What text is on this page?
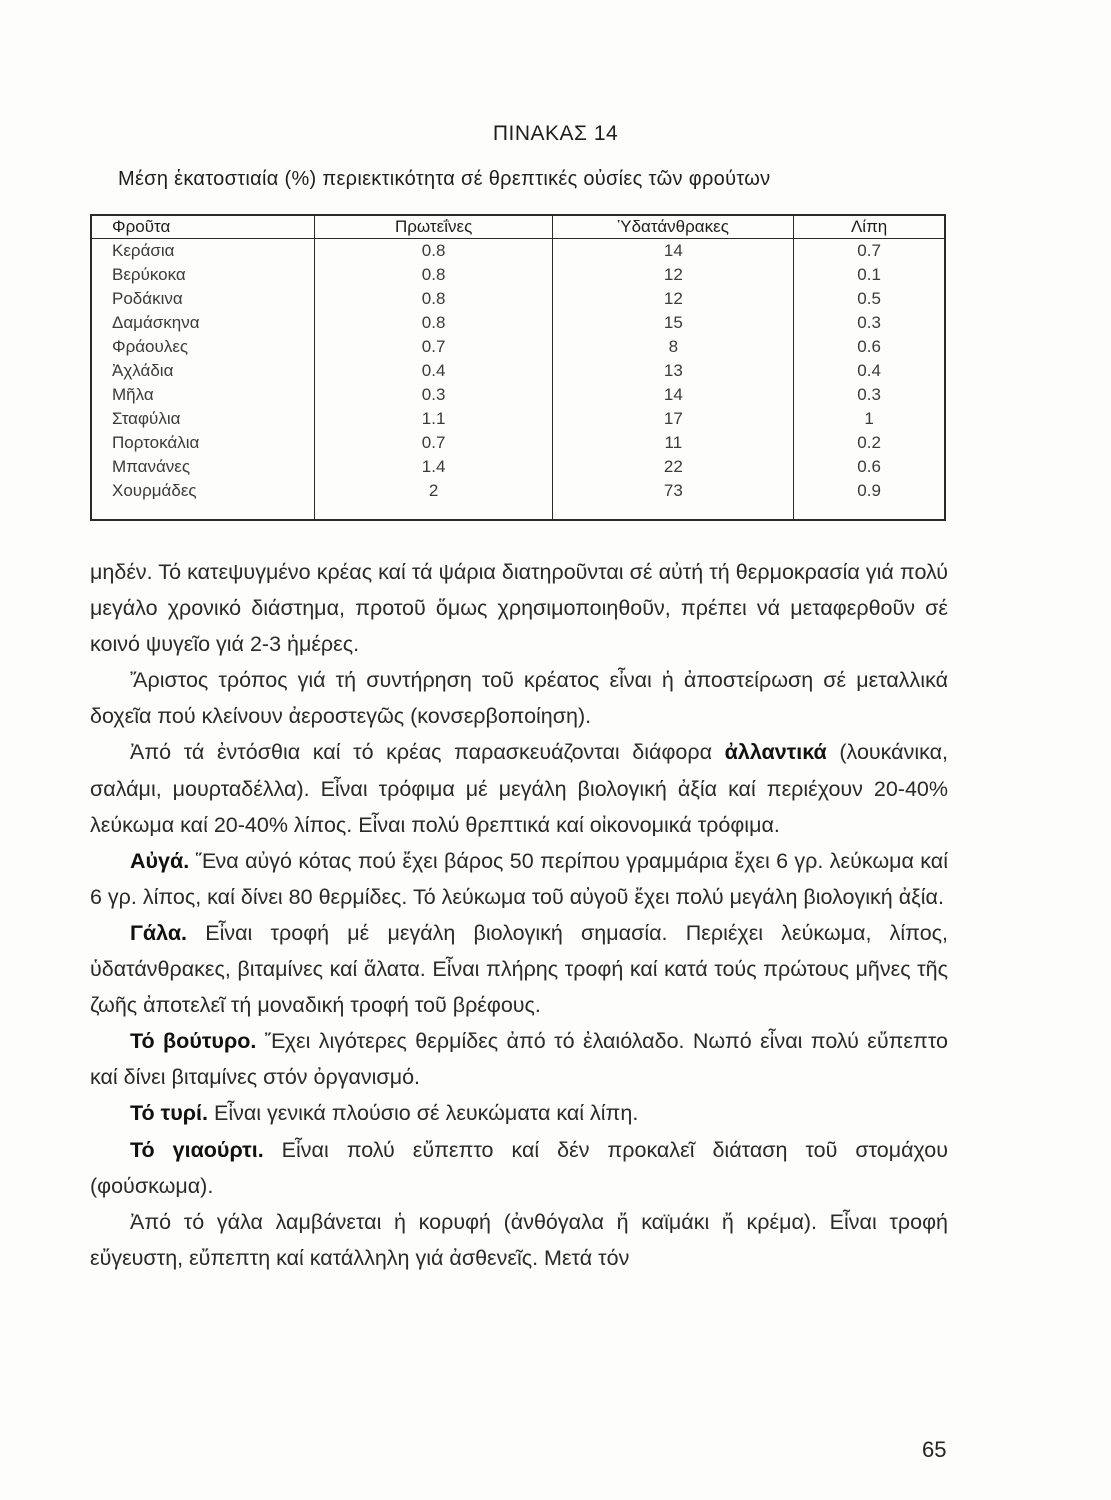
ΠΙΝΑΚΑΣ 14
Μέση ἑκατοστιαία (%) περιεκτικότητα σέ θρεπτικές οὐσίες τῶν φρούτων
Φροῦτα	Πρωτεΐνες	Ὑδατάνθρακες	Λίπη
Κεράσια	0.8	14	0.7
Βερύκοκα	0.8	12	0.1
Ροδάκινα	0.8	12	0.5
Δαμάσκηνα	0.8	15	0.3
Φράουλες	0.7	8	0.6
Ἀχλάδια	0.4	13	0.4
Μῆλα	0.3	14	0.3
Σταφύλια	1.1	17	1
Πορτοκάλια	0.7	11	0.2
Μπανάνες	1.4	22	0.6
Χουρμάδες	2	73	0.9

μηδέν. Τό κατεψυγμένο κρέας καί τά ψάρια διατηροῦνται σέ αὐτή τή θερμοκρασία γιά πολύ μεγάλο χρονικό διάστημα, προτοῦ ὅμως χρησιμοποιηθοῦν, πρέπει νά μεταφερθοῦν σέ κοινό ψυγεῖο γιά 2-3 ἡμέρες.

Ἄριστος τρόπος γιά τή συντήρηση τοῦ κρέατος εἶναι ἡ ἀποστείρωση σέ μεταλλικά δοχεῖα πού κλείνουν ἀεροστεγῶς (κονσερβοποίηση).

Ἀπό τά ἐντόσθια καί τό κρέας παρασκευάζονται διάφορα ἀλλαντικά (λουκάνικα, σαλάμι, μουρταδέλλα). Εἶναι τρόφιμα μέ μεγάλη βιολογική ἀξία καί περιέχουν 20-40% λεύκωμα καί 20-40% λίπος. Εἶναι πολύ θρεπτικά καί οἰκονομικά τρόφιμα.

Αὐγά. Ἕνα αὐγό κότας πού ἔχει βάρος 50 περίπου γραμμάρια ἔχει 6 γρ. λεύκωμα καί 6 γρ. λίπος, καί δίνει 80 θερμίδες. Τό λεύκωμα τοῦ αὐγοῦ ἔχει πολύ μεγάλη βιολογική ἀξία.

Γάλα. Εἶναι τροφή μέ μεγάλη βιολογική σημασία. Περιέχει λεύκωμα, λίπος, ὑδατάνθρακες, βιταμίνες καί ἅλατα. Εἶναι πλήρης τροφή καί κατά τούς πρώτους μῆνες τῆς ζωῆς ἀποτελεῖ τή μοναδική τροφή τοῦ βρέφους.

Τό βούτυρο. Ἔχει λιγότερες θερμίδες ἀπό τό ἐλαιόλαδο. Νωπό εἶναι πολύ εὔπεπτο καί δίνει βιταμίνες στόν ὀργανισμό.

Τό τυρί. Εἶναι γενικά πλούσιο σέ λευκώματα καί λίπη.

Τό γιαούρτι. Εἶναι πολύ εὔπεπτο καί δέν προκαλεῖ διάταση τοῦ στομάχου (φούσκωμα).

Ἀπό τό γάλα λαμβάνεται ἡ κορυφή (ἀνθόγαλα ἤ καϊμάκι ἤ κρέμα). Εἶναι τροφή εὔγευστη, εὔπεπτη καί κατάλληλη γιά ἀσθενεῖς. Μετά τόν

65
